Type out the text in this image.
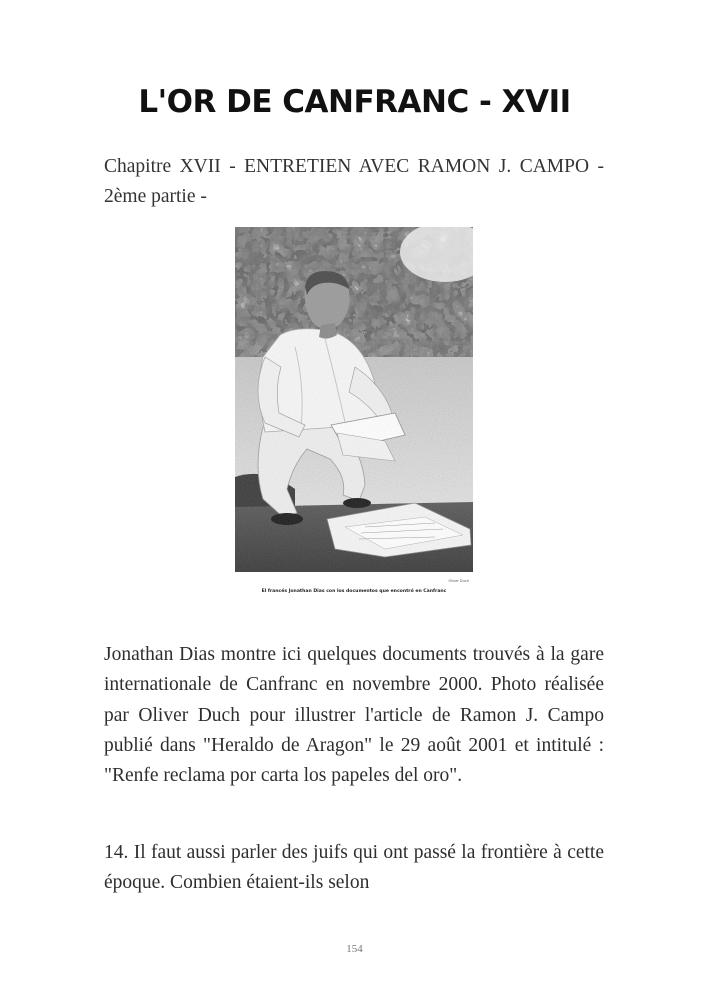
L'OR DE CANFRANC - XVII

Chapitre XVII - ENTRETIEN AVEC RAMON J. CAMPO - 2ème partie -

Oliver Duch
El francés Jonathan Dias con los documentos que encontró en Canfranc

Jonathan Dias montre ici quelques documents trouvés à la gare internationale de Canfranc en novembre 2000. Photo réalisée par Oliver Duch pour illustrer l'article de Ramon J. Campo publié dans "Heraldo de Aragon" le 29 août 2001 et intitulé : "Renfe reclama por carta los papeles del oro".

14. Il faut aussi parler des juifs qui ont passé la frontière à cette époque. Combien étaient-ils selon

154
